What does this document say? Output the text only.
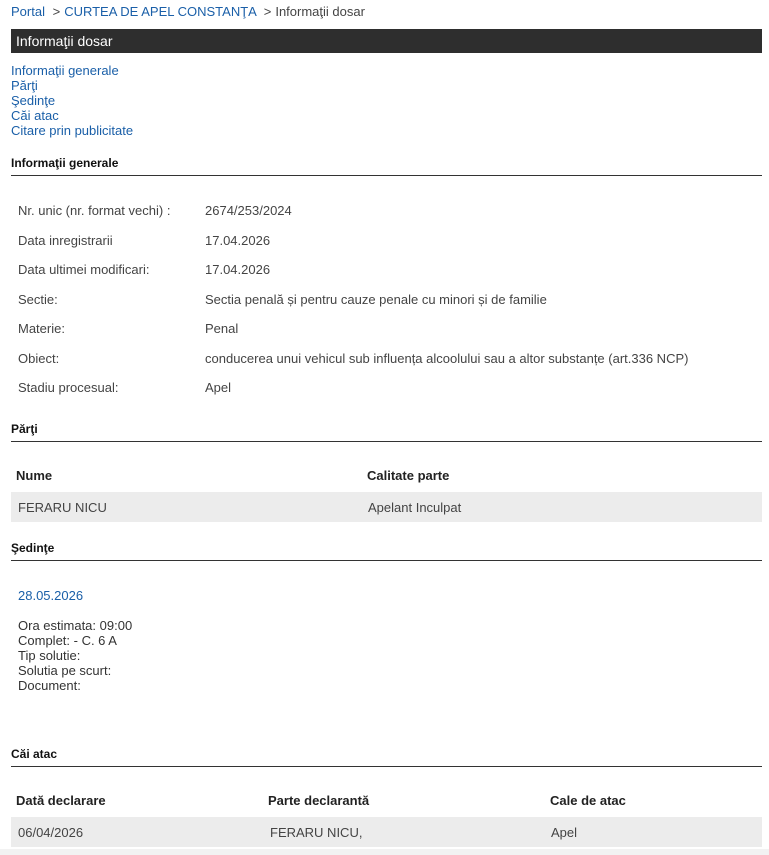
Portal > CURTEA DE APEL CONSTANŢA > Informaţii dosar
Informaţii dosar
Informaţii generale
Părţi
Şedinţe
Căi atac
Citare prin publicitate
Informaţii generale
Nr. unic (nr. format vechi) :	2674/253/2024
Data inregistrarii	17.04.2026
Data ultimei modificari:	17.04.2026
Sectie:	Sectia penală și pentru cauze penale cu minori și de familie
Materie:	Penal
Obiect:	conducerea unui vehicul sub influența alcoolului sau a altor substanțe (art.336 NCP)
Stadiu procesual:	Apel
Părţi
Nume	Calitate parte
FERARU NICU	Apelant Inculpat
Şedinţe
28.05.2026
Ora estimata: 09:00
Complet: - C. 6 A
Tip solutie:
Solutia pe scurt:
Document:
Căi atac
Dată declarare	Parte declarantă	Cale de atac
06/04/2026	FERARU NICU,	Apel
